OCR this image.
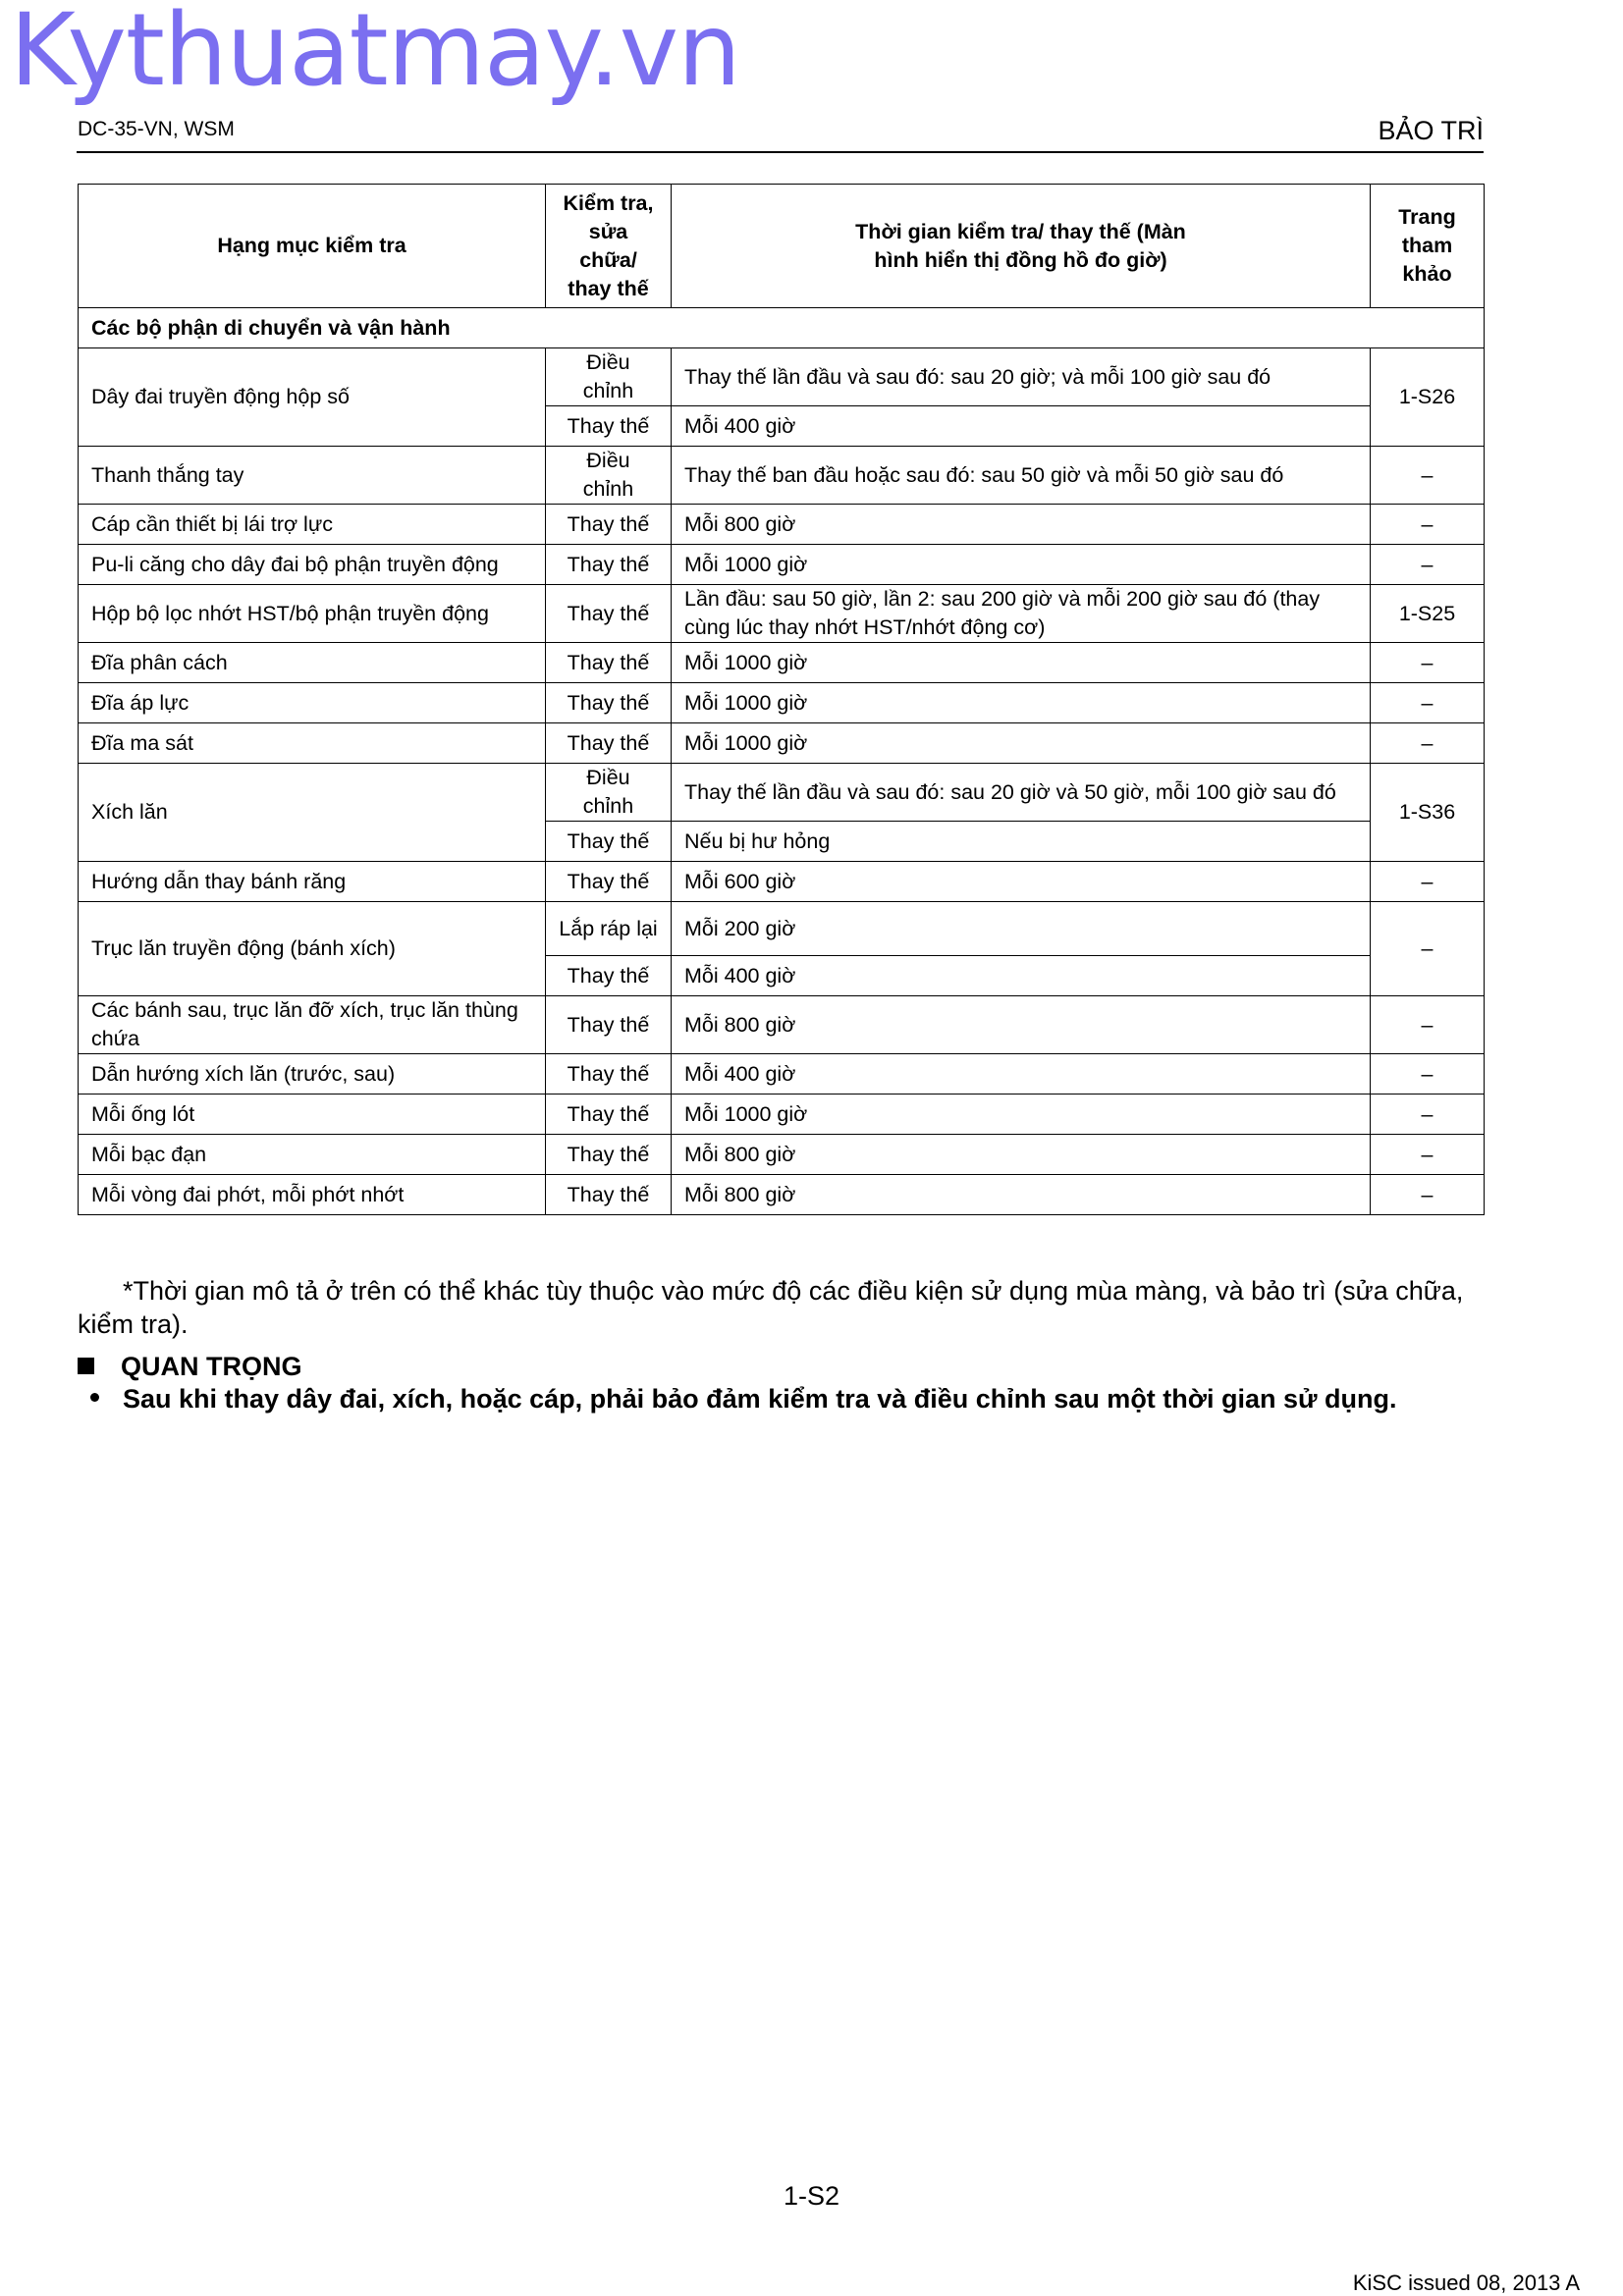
Kythuatmay.vn
DC-35-VN, WSM	BẢO TRÌ
Hạng mục kiểm tra	Kiểm tra, sửa chữa/ thay thế	Thời gian kiểm tra/ thay thế (Màn hình hiển thị đồng hồ đo giờ)	Trang tham khảo
Các bộ phận di chuyển và vận hành			
Dây đai truyền động hộp số	Điều chỉnh	Thay thế lần đầu và sau đó: sau 20 giờ; và mỗi 100 giờ sau đó	1-S26
	Thay thế	Mỗi 400 giờ	
Thanh thắng tay	Điều chỉnh	Thay thế ban đầu hoặc sau đó: sau 50 giờ và mỗi 50 giờ sau đó	–
Cáp cần thiết bị lái trợ lực	Thay thế	Mỗi 800 giờ	–
Pu-li căng cho dây đai bộ phận truyền động	Thay thế	Mỗi 1000 giờ	–
Hộp bộ lọc nhớt HST/bộ phận truyền động	Thay thế	Lần đầu: sau 50 giờ, lần 2: sau 200 giờ và mỗi 200 giờ sau đó (thay cùng lúc thay nhớt HST/nhớt động cơ)	1-S25
Đĩa phân cách	Thay thế	Mỗi 1000 giờ	–
Đĩa áp lực	Thay thế	Mỗi 1000 giờ	–
Đĩa ma sát	Thay thế	Mỗi 1000 giờ	–
Xích lăn	Điều chỉnh	Thay thế lần đầu và sau đó: sau 20 giờ và 50 giờ, mỗi 100 giờ sau đó	1-S36
	Thay thế	Nếu bị hư hỏng	
Hướng dẫn thay bánh răng	Thay thế	Mỗi 600 giờ	–
Trục lăn truyền động (bánh xích)	Lắp ráp lại	Mỗi 200 giờ	–
	Thay thế	Mỗi 400 giờ	
Các bánh sau, trục lăn đỡ xích, trục lăn thùng chứa	Thay thế	Mỗi 800 giờ	–
Dẫn hướng xích lăn (trước, sau)	Thay thế	Mỗi 400 giờ	–
Mỗi ống lót	Thay thế	Mỗi 1000 giờ	–
Mỗi bạc đạn	Thay thế	Mỗi 800 giờ	–
Mỗi vòng đai phớt, mỗi phớt nhớt	Thay thế	Mỗi 800 giờ	–
*Thời gian mô tả ở trên có thể khác tùy thuộc vào mức độ các điều kiện sử dụng mùa màng, và bảo trì (sửa chữa, kiểm tra).
QUAN TRỌNG
Sau khi thay dây đai, xích, hoặc cáp, phải bảo đảm kiểm tra và điều chỉnh sau một thời gian sử dụng.
1-S2
KiSC issued 08, 2013 A
